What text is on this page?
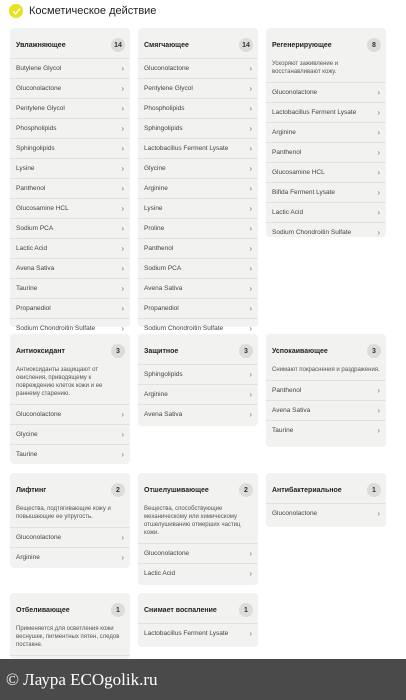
Косметическое действие
Увлажняющее	14
Butylene Glycol	›
Gluconolactone	›
Pentylene Glycol	›
Phospholipids	›
Sphingolipids	›
Lysine	›
Panthenol	›
Glucosamine HCL	›
Sodium PCA	›
Lactic Acid	›
Avena Sativa	›
Taurine	›
Propanediol	›
Sodium Chondroitin Sulfate	›
Смягчающее	14
Gluconolactone	›
Pentylene Glycol	›
Phospholipids	›
Sphingolipids	›
Lactobacillus Ferment Lysate	›
Glycine	›
Arginine	›
Lysine	›
Proline	›
Panthenol	›
Sodium PCA	›
Avena Sativa	›
Propanediol	›
Sodium Chondroitin Sulfate	›
Регенерирующее	8
Ускоряют заживление и восстанавливают кожу.
Gluconolactone	›
Lactobacillus Ferment Lysate	›
Arginine	›
Panthenol	›
Glucosamine HCL	›
Bifida Ferment Lysate	›
Lactic Acid	›
Sodium Chondroitin Sulfate	›
Антиоксидант	3
Антиоксиданты защищают от окисления, приводящему к повреждению клеток кожи и ее раннему старению.
Gluconolactone	›
Glycine	›
Taurine	›
Защитное	3
Sphingolipids	›
Arginine	›
Avena Sativa	›
Успокаивающее	3
Снимают покраснения и раздражения.
Panthenol	›
Avena Sativa	›
Taurine	›
Лифтинг	2
Вещества, подтягивающие кожу и повышающие ее упругость.
Gluconolactone	›
Arginine	›
Отшелушивающее	2
Вещества, способствующие механическому или химическому отшелушиванию отмерших частиц кожи.
Gluconolactone	›
Lactic Acid	›
Антибактериальное	1
Gluconolactone	›
Отбеливающее	1
Применяется для осветления кожи веснушек, пигментных пятен, следов постакне.
Снимает воспаление	1
Lactobacillus Ferment Lysate	›
© Лаура ECOgolik.ru
